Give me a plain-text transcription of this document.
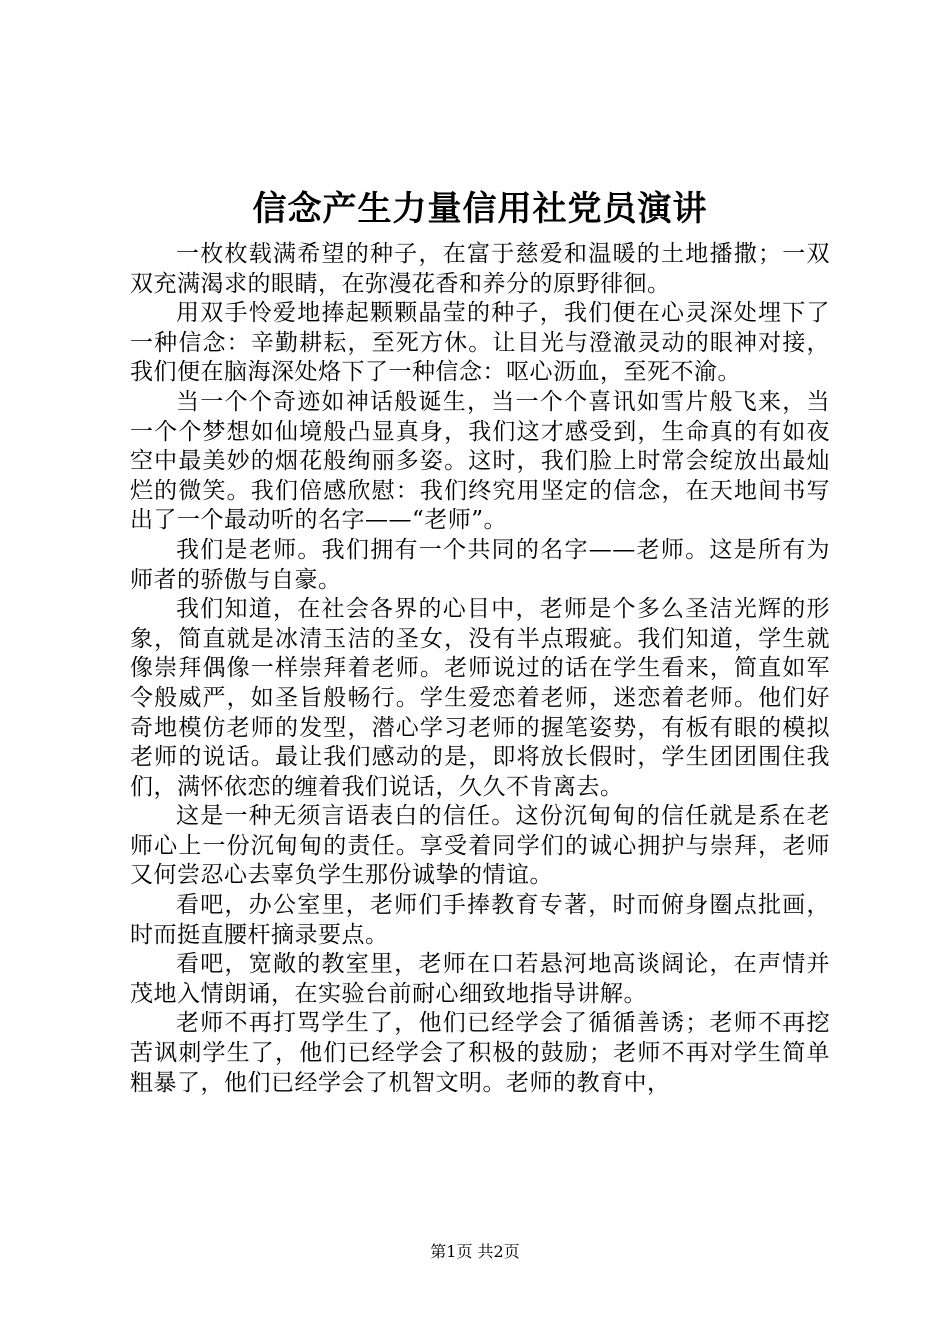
信念产生力量信用社党员演讲

一枚枚载满希望的种子，在富于慈爱和温暖的土地播撒；一双双充满渴求的眼睛，在弥漫花香和养分的原野徘徊。

用双手怜爱地捧起颗颗晶莹的种子，我们便在心灵深处埋下了一种信念：辛勤耕耘，至死方休。让目光与澄澈灵动的眼神对接，我们便在脑海深处烙下了一种信念：呕心沥血，至死不渝。

当一个个奇迹如神话般诞生，当一个个喜讯如雪片般飞来，当一个个梦想如仙境般凸显真身，我们这才感受到，生命真的有如夜空中最美妙的烟花般绚丽多姿。这时，我们脸上时常会绽放出最灿烂的微笑。我们倍感欣慰：我们终究用坚定的信念，在天地间书写出了一个最动听的名字——“老师”。

我们是老师。我们拥有一个共同的名字——老师。这是所有为师者的骄傲与自豪。

我们知道，在社会各界的心目中，老师是个多么圣洁光辉的形象，简直就是冰清玉洁的圣女，没有半点瑕疵。我们知道，学生就像崇拜偶像一样崇拜着老师。老师说过的话在学生看来，简直如军令般威严，如圣旨般畅行。学生爱恋着老师，迷恋着老师。他们好奇地模仿老师的发型，潜心学习老师的握笔姿势，有板有眼的模拟老师的说话。最让我们感动的是，即将放长假时，学生团团围住我们，满怀依恋的缠着我们说话，久久不肯离去。

这是一种无须言语表白的信任。这份沉甸甸的信任就是系在老师心上一份沉甸甸的责任。享受着同学们的诚心拥护与崇拜，老师又何尝忍心去辜负学生那份诚挚的情谊。

看吧，办公室里，老师们手捧教育专著，时而俯身圈点批画，时而挺直腰杆摘录要点。

看吧，宽敞的教室里，老师在口若悬河地高谈阔论，在声情并茂地入情朗诵，在实验台前耐心细致地指导讲解。

老师不再打骂学生了，他们已经学会了循循善诱；老师不再挖苦讽刺学生了，他们已经学会了积极的鼓励；老师不再对学生简单粗暴了，他们已经学会了机智文明。老师的教育中，

第1页 共2页
